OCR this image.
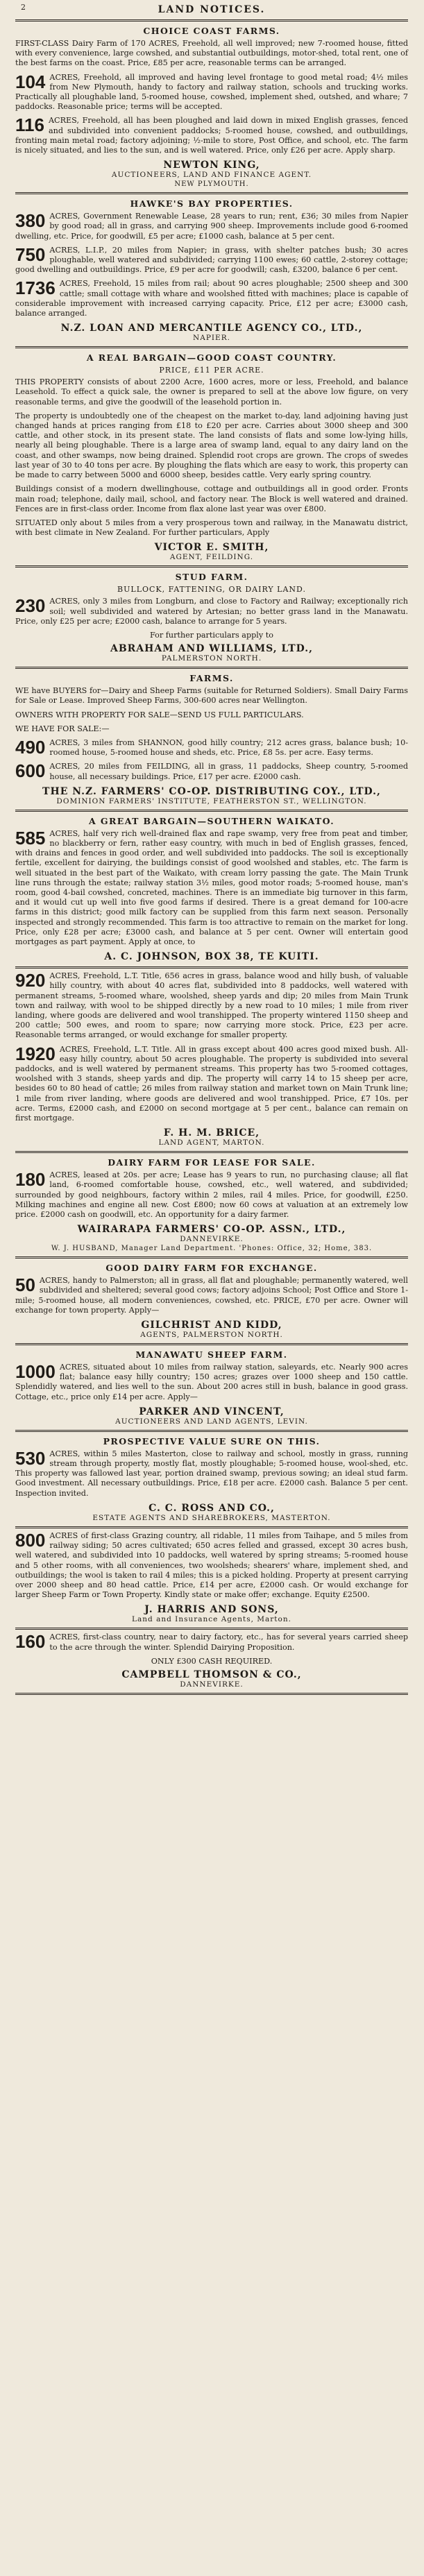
2	LAND NOTICES.
CHOICE COAST FARMS.
FIRST-CLASS Dairy Farm of 170 ACRES, Freehold, all well improved; new 7-roomed house, fitted with every convenience, large cowshed, and substantial outbuildings, motor-shed, total rent, one of the best farms on the coast. Price, £85 per acre, reasonable terms can be arranged.
104 ACRES, Freehold, all improved and having level frontage to good metal road; 4½ miles from New Plymouth, handy to factory and railway station, schools and trucking works. Practically all ploughable land, 5-roomed house, cowshed, implement shed, outshed, and whare; 7 paddocks. Reasonable price; terms will be accepted.
116 ACRES, Freehold, all has been ploughed and laid down in mixed English grasses, fenced and subdivided into convenient paddocks; 5-roomed house, cowshed, and outbuildings, fronting main metal road; factory adjoining; ½-mile to store, Post Office, and school, etc. The farm is nicely situated, and lies to the sun, and is well watered. Price, only £26 per acre. Apply sharp.
NEWTON KING,
AUCTIONEERS, LAND AND FINANCE AGENT.
NEW PLYMOUTH.
HAWKE'S BAY PROPERTIES.
380 ACRES, Government Renewable Lease, 28 years to run; rent, £36; 30 miles from Napier by good road; all in grass, and carrying 900 sheep. Improvements include good 6-roomed dwelling, etc. Price, for goodwill, £5 per acre; £1000 cash, balance at 5 per cent.
750 ACRES, L.I.P., 20 miles from Napier; in grass, with shelter patches bush; 30 acres ploughable, well watered and subdivided; carrying 1100 ewes; 60 cattle, 2-storey cottage; good dwelling and outbuildings. Price, £9 per acre for goodwill; cash, £3200, balance 6 per cent.
1736 ACRES, Freehold, 15 miles from rail; about 90 acres ploughable; 2500 sheep and 300 cattle; small cottage with whare and woolshed fitted with machines; place is capable of considerable improvement with increased carrying capacity. Price, £12 per acre; £3000 cash, balance arranged.
N.Z. LOAN AND MERCANTILE AGENCY CO., LTD.,
NAPIER.
A REAL BARGAIN—GOOD COAST COUNTRY.
PRICE, £11 PER ACRE.
THIS PROPERTY consists of about 2200 Acre, 1600 acres, more or less, Freehold, and balance Leasehold. To effect a quick sale, the owner is prepared to sell at the above low figure, on very reasonable terms, and give the goodwill of the leasehold portion in.
The property is undoubtedly one of the cheapest on the market to-day, land adjoining having just changed hands at prices ranging from £18 to £20 per acre. Carries about 3000 sheep and 300 cattle, and other stock, in its present state. The land consists of flats and some low-lying hills, nearly all being ploughable. There is a large area of swamp land, equal to any dairy land on the coast, and other swamps, now being drained. Splendid root crops are grown. The crops of swedes last year of 30 to 40 tons per acre. By ploughing the flats which are easy to work, this property can be made to carry between 5000 and 6000 sheep, besides cattle. Very early spring country.
Buildings consist of a modern dwellinghouse, cottage and outbuildings all in good order. Fronts main road; telephone, daily mail, school, and factory near. The Block is well watered and drained. Fences are in first-class order. Income from flax alone last year was over £800.
SITUATED only about 5 miles from a very prosperous town and railway, in the Manawatu district, with best climate in New Zealand. For further particulars, Apply
VICTOR E. SMITH,
AGENT, FEILDING.
STUD FARM.
BULLOCK, FATTENING, OR DAIRY LAND.
230 ACRES, only 3 miles from Longburn, and close to Factory and Railway; exceptionally rich soil; well subdivided and watered by Artesian; no better grass land in the Manawatu. Price, only £25 per acre; £2000 cash, balance to arrange for 5 years.
For further particulars apply to
ABRAHAM AND WILLIAMS, LTD.,
PALMERSTON NORTH.
FARMS.
WE have BUYERS for—Dairy and Sheep Farms (suitable for Returned Soldiers). Small Dairy Farms for Sale or Lease. Improved Sheep Farms, 300-600 acres near Wellington.
OWNERS WITH PROPERTY FOR SALE—SEND US FULL PARTICULARS.
WE HAVE FOR SALE:—
490 ACRES, 3 miles from SHANNON, good hilly country; 212 acres grass, balance bush; 10-roomed house, 5-roomed house and sheds, etc. Price, £8 5s. per acre. Easy terms.
600 ACRES, 20 miles from FEILDING, all in grass, 11 paddocks, Sheep country, 5-roomed house, all necessary buildings. Price, £17 per acre. £2000 cash.
THE N.Z. FARMERS' CO-OP. DISTRIBUTING COY., LTD.,
DOMINION FARMERS' INSTITUTE, FEATHERSTON ST., WELLINGTON.
A GREAT BARGAIN—SOUTHERN WAIKATO.
585 ACRES, half very rich well-drained flax and rape swamp, very free from peat and timber, no blackberry or fern, rather easy country, with much in bed of English grasses, fenced, with drains and fences in good order, and well subdivided into paddocks. The soil is exceptionally fertile, excellent for dairying, the buildings consist of good woolshed and stables, etc. The farm is well situated in the best part of the Waikato, with cream lorry passing the gate. The Main Trunk line runs through the estate; railway station 3½ miles, good motor roads; 5-roomed house, man's room, good 4-bail cowshed, concreted, machines. There is an immediate big turnover in this farm, and it would cut up well into five good farms if desired. There is a great demand for 100-acre farms in this district; good milk factory can be supplied from this farm next season. Personally inspected and strongly recommended. This farm is too attractive to remain on the market for long. Price, only £28 per acre; £3000 cash, and balance at 5 per cent. Owner will entertain good mortgages as part payment. Apply at once, to
A. C. JOHNSON, BOX 38, TE KUITI.
920 ACRES, Freehold, L.T. Title, 656 acres in grass, balance wood and hilly bush, of valuable hilly country, with about 40 acres flat, subdivided into 8 paddocks, well watered with permanent streams, 5-roomed whare, woolshed, sheep yards and dip; 20 miles from Main Trunk town and railway, with wool to be shipped directly by a new road to 10 miles; 1 mile from river landing, where goods are delivered and wool transhipped. The property wintered 1150 sheep and 200 cattle; 500 ewes, and room to spare; now carrying more stock. Price, £23 per acre. Reasonable terms arranged, or would exchange for smaller property.
1920 ACRES, Freehold, L.T. Title. All in grass except about 400 acres good mixed bush. All-easy hilly country, about 50 acres ploughable. The property is subdivided into several paddocks, and is well watered by permanent streams. This property has two 5-roomed cottages, woolshed with 3 stands, sheep yards and dip. The property will carry 14 to 15 sheep per acre, besides 60 to 80 head of cattle; 26 miles from railway station and market town on Main Trunk line; 1 mile from river landing, where goods are delivered and wool transhipped. Price, £7 10s. per acre. Terms, £2000 cash, and £2000 on second mortgage at 5 per cent., balance can remain on first mortgage.
F. H. M. BRICE,
LAND AGENT, MARTON.
DAIRY FARM FOR LEASE FOR SALE.
180 ACRES, leased at 20s. per acre; Lease has 9 years to run, no purchasing clause; all flat land, 6-roomed comfortable house, cowshed, etc., well watered, and subdivided; surrounded by good neighbours, factory within 2 miles, rail 4 miles. Price, for goodwill, £250. Milking machines and engine all new. Cost £800; now 60 cows at valuation at an extremely low price. £2000 cash on goodwill, etc. An opportunity for a dairy farmer.
WAIRARAPA FARMERS' CO-OP. ASSN., LTD.,
DANNEVIRKE.
W. J. HUSBAND, Manager Land Department. 'Phones: Office, 32; Home, 383.
GOOD DAIRY FARM FOR EXCHANGE.
50 ACRES, handy to Palmerston; all in grass, all flat and ploughable; permanently watered, well subdivided and sheltered; several good cows; factory adjoins School; Post Office and Store 1-mile; 5-roomed house, all modern conveniences, cowshed, etc. PRICE, £70 per acre. Owner will exchange for town property. Apply—
GILCHRIST AND KIDD,
AGENTS, PALMERSTON NORTH.
MANAWATU SHEEP FARM.
1000 ACRES, situated about 10 miles from railway station, saleyards, etc. Nearly 900 acres flat; balance easy hilly country; 150 acres; grazes over 1000 sheep and 150 cattle. Splendidly watered, and lies well to the sun. About 200 acres still in bush, balance in good grass. Cottage, etc., price only £14 per acre. Apply—
PARKER AND VINCENT,
AUCTIONEERS AND LAND AGENTS, LEVIN.
PROSPECTIVE VALUE SURE ON THIS.
530 ACRES, within 5 miles Masterton, close to railway and school, mostly in grass, running stream through property, mostly flat, mostly ploughable; 5-roomed house, wool-shed, etc. This property was fallowed last year, portion drained swamp, previous sowing; an ideal stud farm. Good investment. All necessary outbuildings. Price, £18 per acre. £2000 cash. Balance 5 per cent. Inspection invited.
C. C. ROSS AND CO.,
ESTATE AGENTS AND SHAREBROKERS, MASTERTON.
800 ACRES of first-class Grazing country, all ridable, 11 miles from Taihape, and 5 miles from railway siding; 50 acres cultivated; 650 acres felled and grassed, except 30 acres bush, well watered, and subdivided into 10 paddocks, well watered by spring streams; 5-roomed house and 5 other rooms, with all conveniences, two woolsheds; shearers' whare, implement shed, and outbuildings; the wool is taken to rail 4 miles; this is a picked holding. Property at present carrying over 2000 sheep and 80 head cattle. Price, £14 per acre, £2000 cash. Or would exchange for larger Sheep Farm or Town Property. Kindly state or make offer; exchange. Equity £2500.
J. HARRIS AND SONS,
Land and Insurance Agents, Marton.
160 ACRES, first-class country, near to dairy factory, etc., has for several years carried sheep to the acre through the winter. Splendid Dairying Proposition.
ONLY £300 CASH REQUIRED.
CAMPBELL THOMSON & CO.,
DANNEVIRKE.
